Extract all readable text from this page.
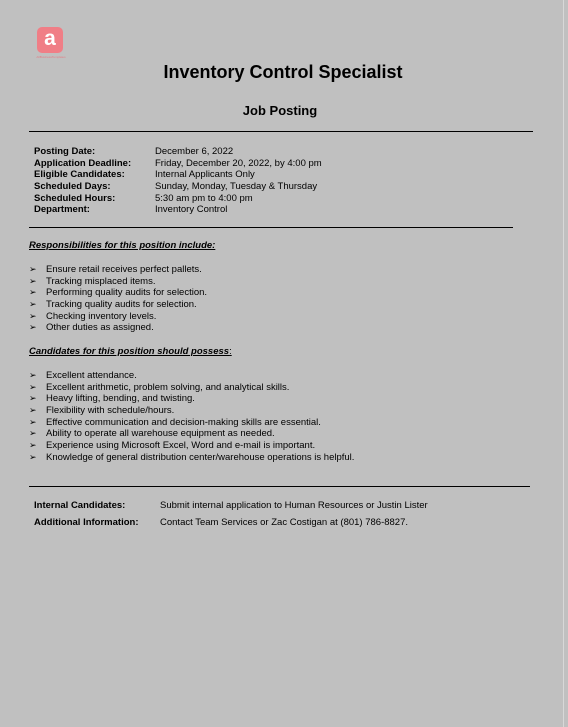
a
AllBusinessTemplates
Inventory Control Specialist
Job Posting
Posting Date:	December 6, 2022
Application Deadline:	Friday, December 20, 2022, by 4:00 pm
Eligible Candidates:	Internal Applicants Only
Scheduled Days:	Sunday, Monday, Tuesday & Thursday
Scheduled Hours:	5:30 am pm to 4:00 pm
Department:	Inventory Control
Responsibilities for this position include:
➢ Ensure retail receives perfect pallets.
➢ Tracking misplaced items.
➢ Performing quality audits for selection.
➢ Tracking quality audits for selection.
➢ Checking inventory levels.
➢ Other duties as assigned.
Candidates for this position should possess:
➢ Excellent attendance.
➢ Excellent arithmetic, problem solving, and analytical skills.
➢ Heavy lifting, bending, and twisting.
➢ Flexibility with schedule/hours.
➢ Effective communication and decision-making skills are essential.
➢ Ability to operate all warehouse equipment as needed.
➢ Experience using Microsoft Excel, Word and e-mail is important.
➢ Knowledge of general distribution center/warehouse operations is helpful.
Internal Candidates:	Submit internal application to Human Resources or Justin Lister
Additional Information: Contact Team Services or Zac Costigan at (801) 786-8827.
